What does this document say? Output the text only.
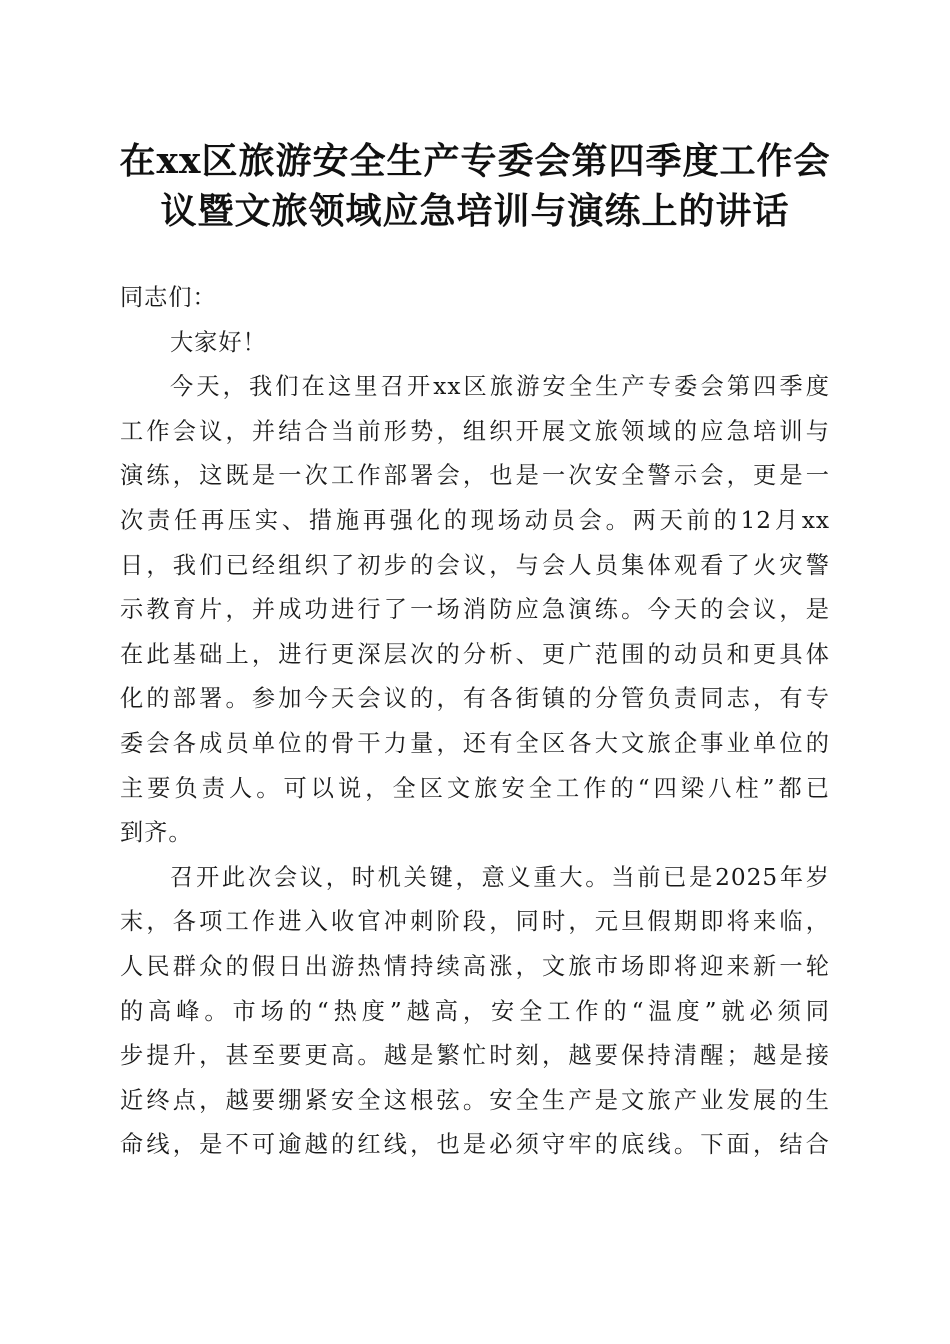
在xx区旅游安全生产专委会第四季度工作会
议暨文旅领域应急培训与演练上的讲话
同志们：
大家好！
今天，我们在这里召开xx区旅游安全生产专委会第四季度
工作会议，并结合当前形势，组织开展文旅领域的应急培训与
演练，这既是一次工作部署会，也是一次安全警示会，更是一
次责任再压实、措施再强化的现场动员会。两天前的12月xx
日，我们已经组织了初步的会议，与会人员集体观看了火灾警
示教育片，并成功进行了一场消防应急演练。今天的会议，是
在此基础上，进行更深层次的分析、更广范围的动员和更具体
化的部署。参加今天会议的，有各街镇的分管负责同志，有专
委会各成员单位的骨干力量，还有全区各大文旅企事业单位的
主要负责人。可以说，全区文旅安全工作的“四梁八柱”都已
到齐。
召开此次会议，时机关键，意义重大。当前已是2025年岁
末，各项工作进入收官冲刺阶段，同时，元旦假期即将来临，
人民群众的假日出游热情持续高涨，文旅市场即将迎来新一轮
的高峰。市场的“热度”越高，安全工作的“温度”就必须同
步提升，甚至要更高。越是繁忙时刻，越要保持清醒；越是接
近终点，越要绷紧安全这根弦。安全生产是文旅产业发展的生
命线，是不可逾越的红线，也是必须守牢的底线。下面，结合
